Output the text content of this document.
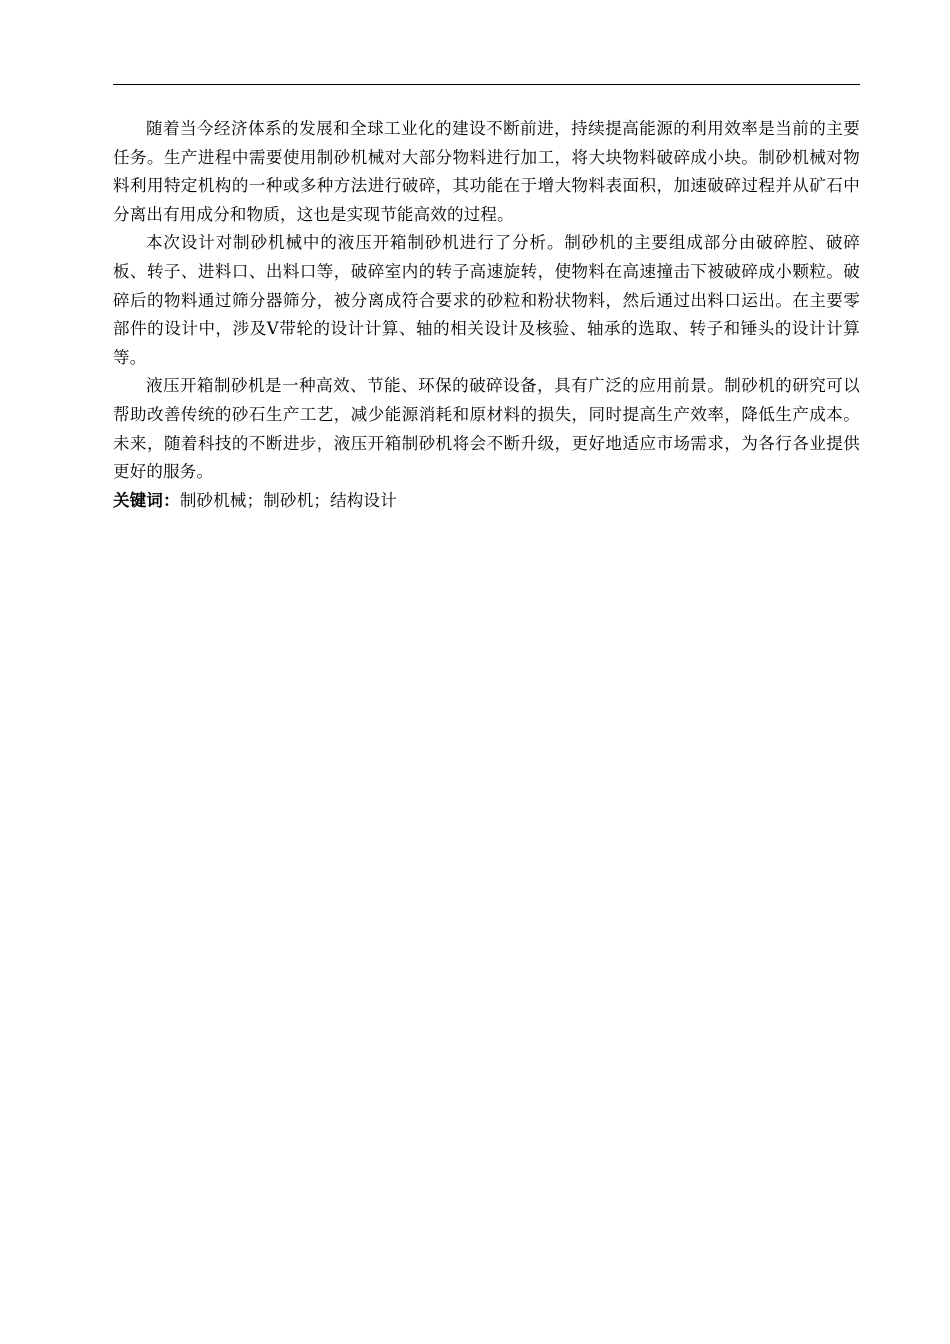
随着当今经济体系的发展和全球工业化的建设不断前进，持续提高能源的利用效率是当前的主要任务。生产进程中需要使用制砂机械对大部分物料进行加工，将大块物料破碎成小块。制砂机械对物料利用特定机构的一种或多种方法进行破碎，其功能在于增大物料表面积，加速破碎过程并从矿石中分离出有用成分和物质，这也是实现节能高效的过程。

本次设计对制砂机械中的液压开箱制砂机进行了分析。制砂机的主要组成部分由破碎腔、破碎板、转子、进料口、出料口等，破碎室内的转子高速旋转，使物料在高速撞击下被破碎成小颗粒。破碎后的物料通过筛分器筛分，被分离成符合要求的砂粒和粉状物料，然后通过出料口运出。在主要零部件的设计中，涉及V带轮的设计计算、轴的相关设计及核验、轴承的选取、转子和锤头的设计计算等。

液压开箱制砂机是一种高效、节能、环保的破碎设备，具有广泛的应用前景。制砂机的研究可以帮助改善传统的砂石生产工艺，减少能源消耗和原材料的损失，同时提高生产效率，降低生产成本。未来，随着科技的不断进步，液压开箱制砂机将会不断升级，更好地适应市场需求，为各行各业提供更好的服务。

关键词：制砂机械；制砂机；结构设计
